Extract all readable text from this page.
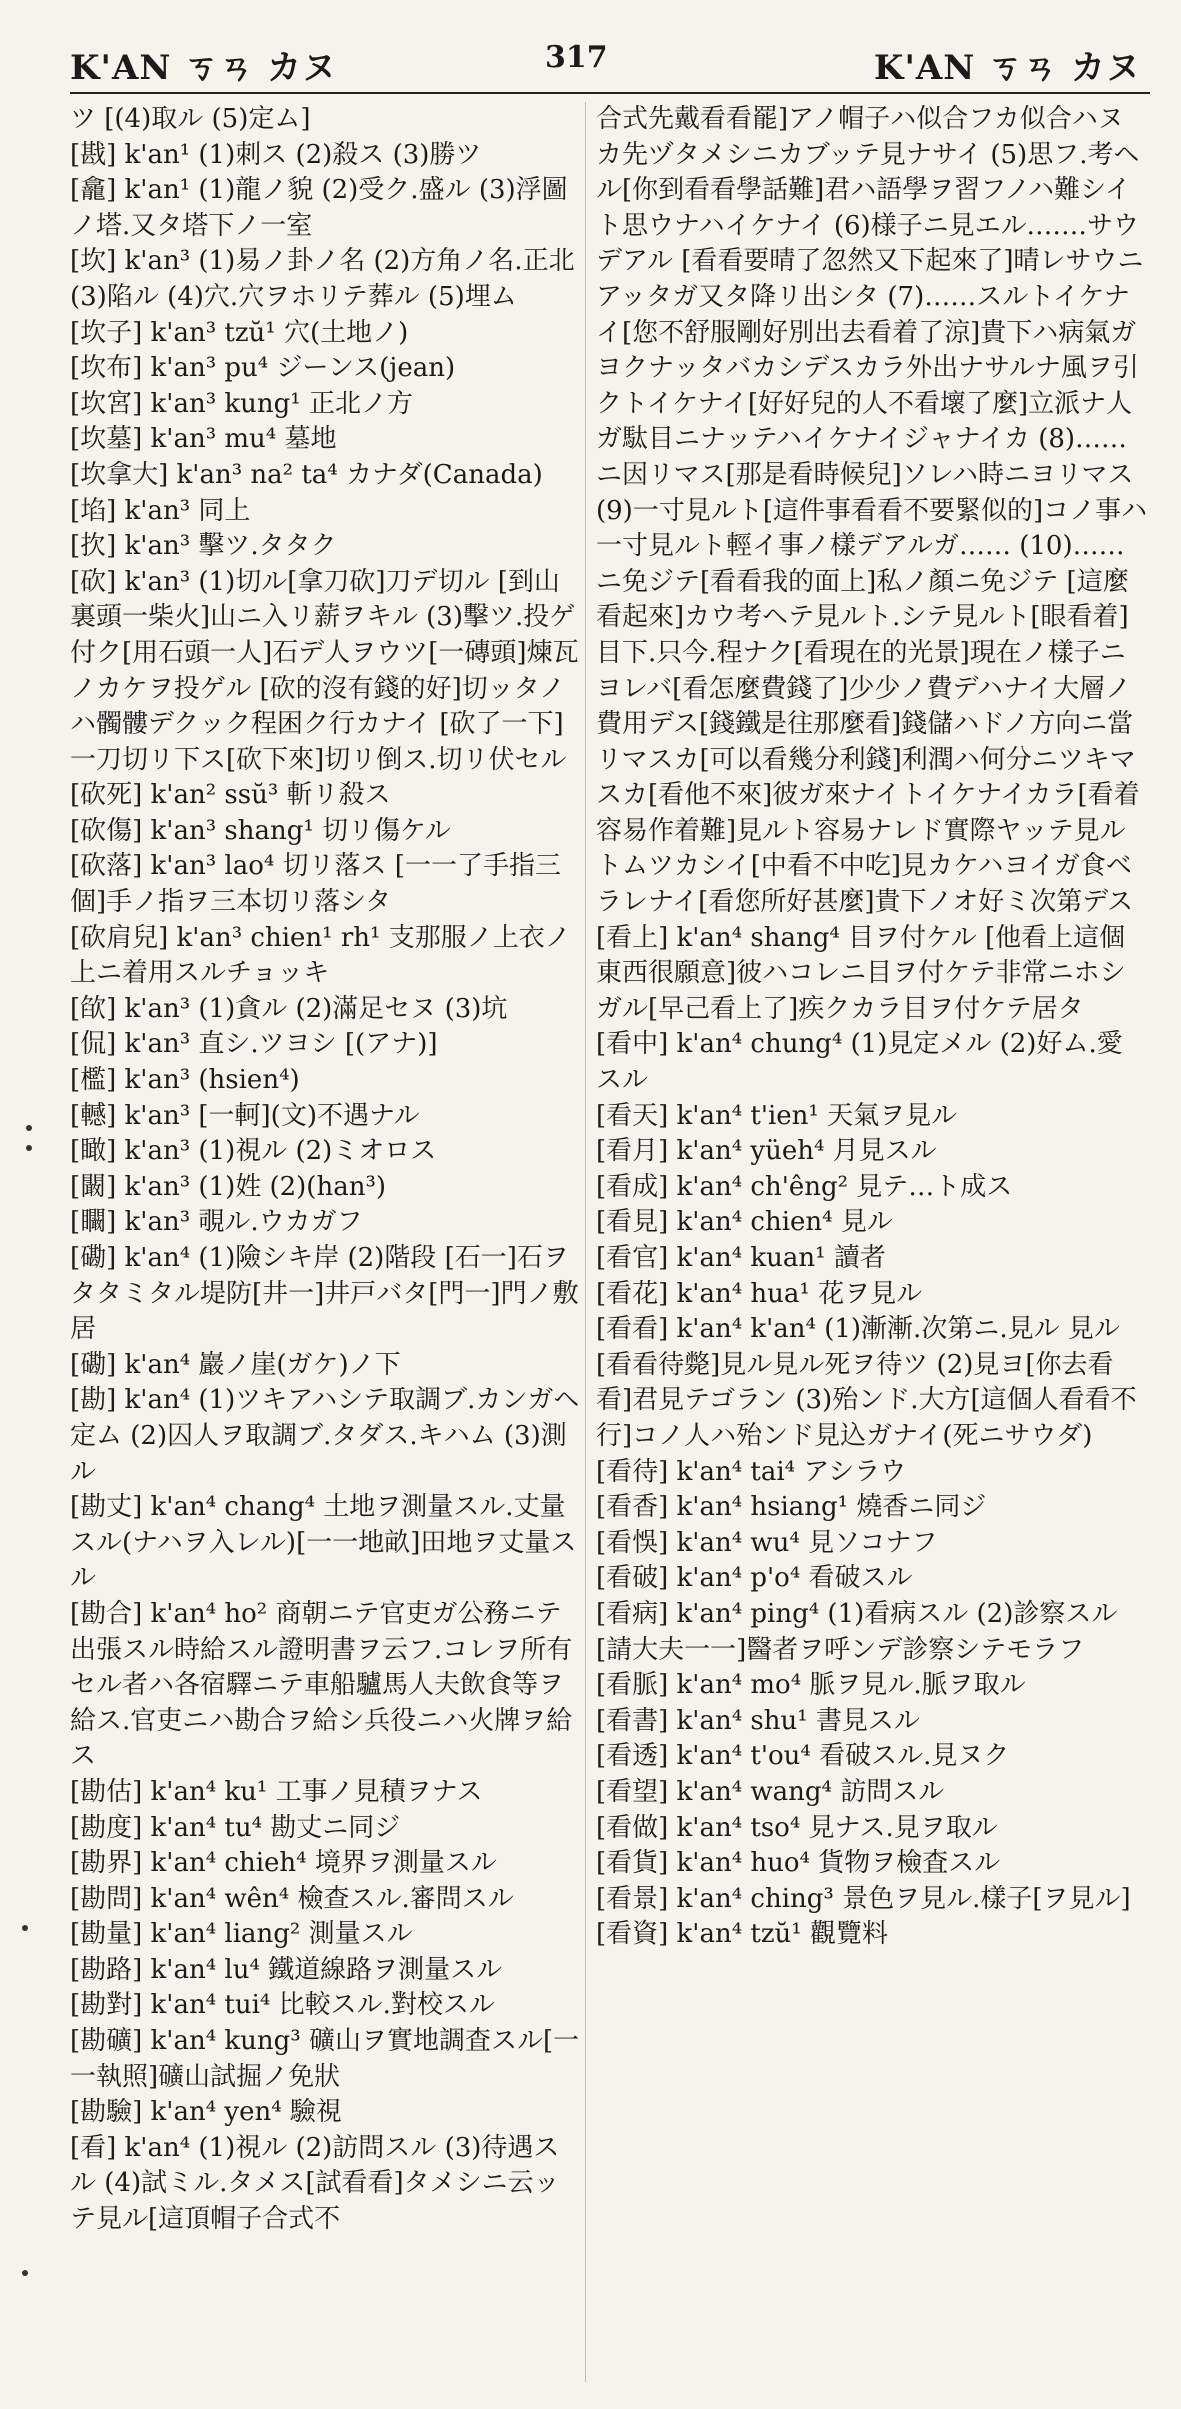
K'AN ㄎㄢ カヌ	317	K'AN ㄎㄢ カヌ
ツ [(4)取ル (5)定ム]
[戡] k'an¹ (1)刺ス (2)殺ス (3)勝ツ
[龕] k'an¹ (1)龍ノ貌 (2)受ク.盛ル (3)浮圖ノ塔.又タ塔下ノ一室
[坎] k'an³ (1)易ノ卦ノ名 (2)方角ノ名.正北 (3)陷ル (4)穴.穴ヲホリテ葬ル (5)埋ム
[坎子] k'an³ tzŭ¹ 穴(土地ノ)
[坎布] k'an³ pu⁴ ジーンス(jean)
[坎宮] k'an³ kung¹ 正北ノ方
[坎墓] k'an³ mu⁴ 墓地
[坎拿大] k'an³ na² ta⁴ カナダ(Canada)
[埳] k'an³ 同上
[扻] k'an³ 擊ツ.タタク
[砍] k'an³ (1)切ル[拿刀砍]刀デ切ル [到山裏頭一柴火]山ニ入リ薪ヲキル (3)擊ツ.投ゲ付ク[用石頭一人]石デ人ヲウツ[一磚頭]煉瓦ノカケヲ投ゲル [砍的沒有錢的好]切ッタノハ髑髏デクック程困ク行カナイ [砍了一下]一刀切リ下ス[砍下來]切リ倒ス.切リ伏セル
[砍死] k'an² ssŭ³ 斬リ殺ス
[砍傷] k'an³ shang¹ 切リ傷ケル
[砍落] k'an³ lao⁴ 切リ落ス [一一了手指三個]手ノ指ヲ三本切リ落シタ
[砍肩兒] k'an³ chien¹ rh¹ 支那服ノ上衣ノ上ニ着用スルチョッキ
[欿] k'an³ (1)貪ル (2)滿足セヌ (3)坑
[侃] k'an³ 直シ.ツヨシ [(アナ)]
[檻] k'an³ (hsien⁴)
[轗] k'an³ [一軻](文)不遇ナル
[瞰] k'an³ (1)視ル (2)ミオロス
[闞] k'an³ (1)姓 (2)(han³)
[矙] k'an³ 覗ル.ウカガフ
[磡] k'an⁴ (1)險シキ岸 (2)階段 [石一]石ヲタタミタル堤防[井一]井戸バタ[門一]門ノ敷居
[磡] k'an⁴ 巖ノ崖(ガケ)ノ下
[勘] k'an⁴ (1)ツキアハシテ取調ブ.カンガヘ定ム (2)囚人ヲ取調ブ.タダス.キハム (3)測ル
[勘丈] k'an⁴ chang⁴ 土地ヲ測量スル.丈量スル(ナハヲ入レル)[一一地畝]田地ヲ丈量スル
[勘合] k'an⁴ ho² 商朝ニテ官吏ガ公務ニテ出張スル時給スル證明書ヲ云フ.コレヲ所有セル者ハ各宿驛ニテ車船驢馬人夫飲食等ヲ給ス.官吏ニハ勘合ヲ給シ兵役ニハ火牌ヲ給ス
[勘估] k'an⁴ ku¹ 工事ノ見積ヲナス
[勘度] k'an⁴ tu⁴ 勘丈ニ同ジ
[勘界] k'an⁴ chieh⁴ 境界ヲ測量スル
[勘問] k'an⁴ wên⁴ 檢查スル.審問スル
[勘量] k'an⁴ liang² 測量スル
[勘路] k'an⁴ lu⁴ 鐵道線路ヲ測量スル
[勘對] k'an⁴ tui⁴ 比較スル.對校スル
[勘礦] k'an⁴ kung³ 礦山ヲ實地調査スル[一一執照]礦山試掘ノ免狀
[勘驗] k'an⁴ yen⁴ 驗視
[看] k'an⁴ (1)視ル (2)訪問スル (3)待遇スル (4)試ミル.タメス[試看看]タメシニ云ッテ見ル[這頂帽子合式不
合式先戴看看罷]アノ帽子ハ似合フカ似合ハヌカ先ヅタメシニカブッテ見ナサイ (5)思フ.考ヘル[你到看看學話難]君ハ語學ヲ習フノハ難シイト思ウナハイケナイ (6)様子ニ見エル.……サウデアル [看看要晴了忽然又下起來了]晴レサウニアッタガ又タ降リ出シタ (7)……スルトイケナイ[您不舒服剛好別出去看着了涼]貴下ハ病氣ガヨクナッタバカシデスカラ外出ナサルナ風ヲ引クトイケナイ[好好兒的人不看壞了麼]立派ナ人ガ駄目ニナッテハイケナイジャナイカ (8)……ニ因リマス[那是看時候兒]ソレハ時ニヨリマス (9)一寸見ルト[這件事看看不要緊似的]コノ事ハ一寸見ルト輕イ事ノ樣デアルガ…… (10)……ニ免ジテ[看看我的面上]私ノ顏ニ免ジテ [這麼看起來]カウ考ヘテ見ルト.シテ見ルト[眼看着]目下.只今.程ナク[看現在的光景]現在ノ樣子ニヨレバ[看怎麼費錢了]少少ノ費デハナイ大層ノ費用デス[錢鐵是往那麼看]錢儲ハドノ方向ニ當リマスカ[可以看幾分利錢]利潤ハ何分ニツキマスカ[看他不來]彼ガ來ナイトイケナイカラ[看着容易作着難]見ルト容易ナレド實際ヤッテ見ルトムツカシイ[中看不中吃]見カケハヨイガ食ベラレナイ[看您所好甚麼]貴下ノオ好ミ次第デス
[看上] k'an⁴ shang⁴ 目ヲ付ケル [他看上這個東西很願意]彼ハコレニ目ヲ付ケテ非常ニホシガル[早己看上了]疾クカラ目ヲ付ケテ居タ
[看中] k'an⁴ chung⁴ (1)見定メル (2)好ム.愛スル
[看天] k'an⁴ t'ien¹ 天氣ヲ見ル
[看月] k'an⁴ yüeh⁴ 月見スル
[看成] k'an⁴ ch'êng² 見テ…ト成ス
[看見] k'an⁴ chien⁴ 見ル
[看官] k'an⁴ kuan¹ 讀者
[看花] k'an⁴ hua¹ 花ヲ見ル
[看看] k'an⁴ k'an⁴ (1)漸漸.次第ニ.見ル 見ル[看看待斃]見ル見ル死ヲ待ツ (2)見ヨ[你去看看]君見テゴラン (3)殆ンド.大方[這個人看看不行]コノ人ハ殆ンド見込ガナイ(死ニサウダ)
[看待] k'an⁴ tai⁴ アシラウ
[看香] k'an⁴ hsiang¹ 燒香ニ同ジ
[看悞] k'an⁴ wu⁴ 見ソコナフ
[看破] k'an⁴ p'o⁴ 看破スル
[看病] k'an⁴ ping⁴ (1)看病スル (2)診察スル[請大夫一一]醫者ヲ呼ンデ診察シテモラフ
[看脈] k'an⁴ mo⁴ 脈ヲ見ル.脈ヲ取ル
[看書] k'an⁴ shu¹ 書見スル
[看透] k'an⁴ t'ou⁴ 看破スル.見ヌク
[看望] k'an⁴ wang⁴ 訪問スル
[看做] k'an⁴ tso⁴ 見ナス.見ヲ取ル
[看貨] k'an⁴ huo⁴ 貨物ヲ檢査スル
[看景] k'an⁴ ching³ 景色ヲ見ル.樣子[ヲ見ル]
[看資] k'an⁴ tzŭ¹ 觀覽料
